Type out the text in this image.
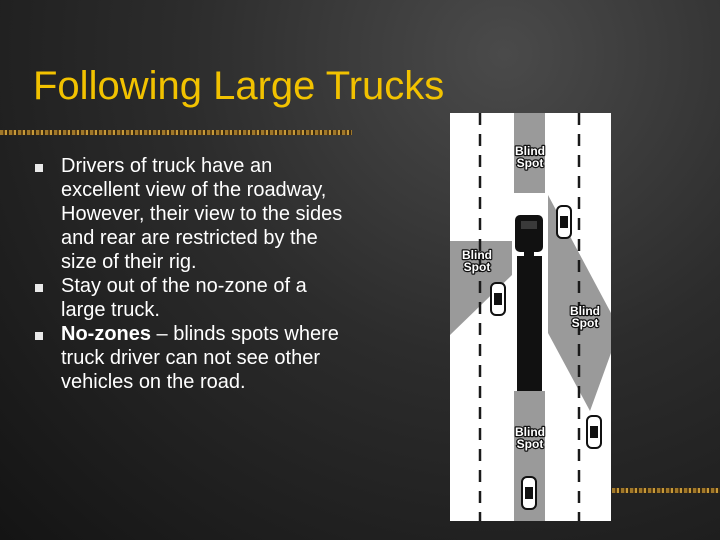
Following Large Trucks
Drivers of truck have an excellent view of the roadway, However, their view to the sides and rear are restricted by the size of their rig.
Stay out of the no-zone of a large truck.
No-zones – blinds spots where truck driver can not see other vehicles on the road.
Blind
Spot
Blind
Spot
Blind
Spot
Blind
Spot
